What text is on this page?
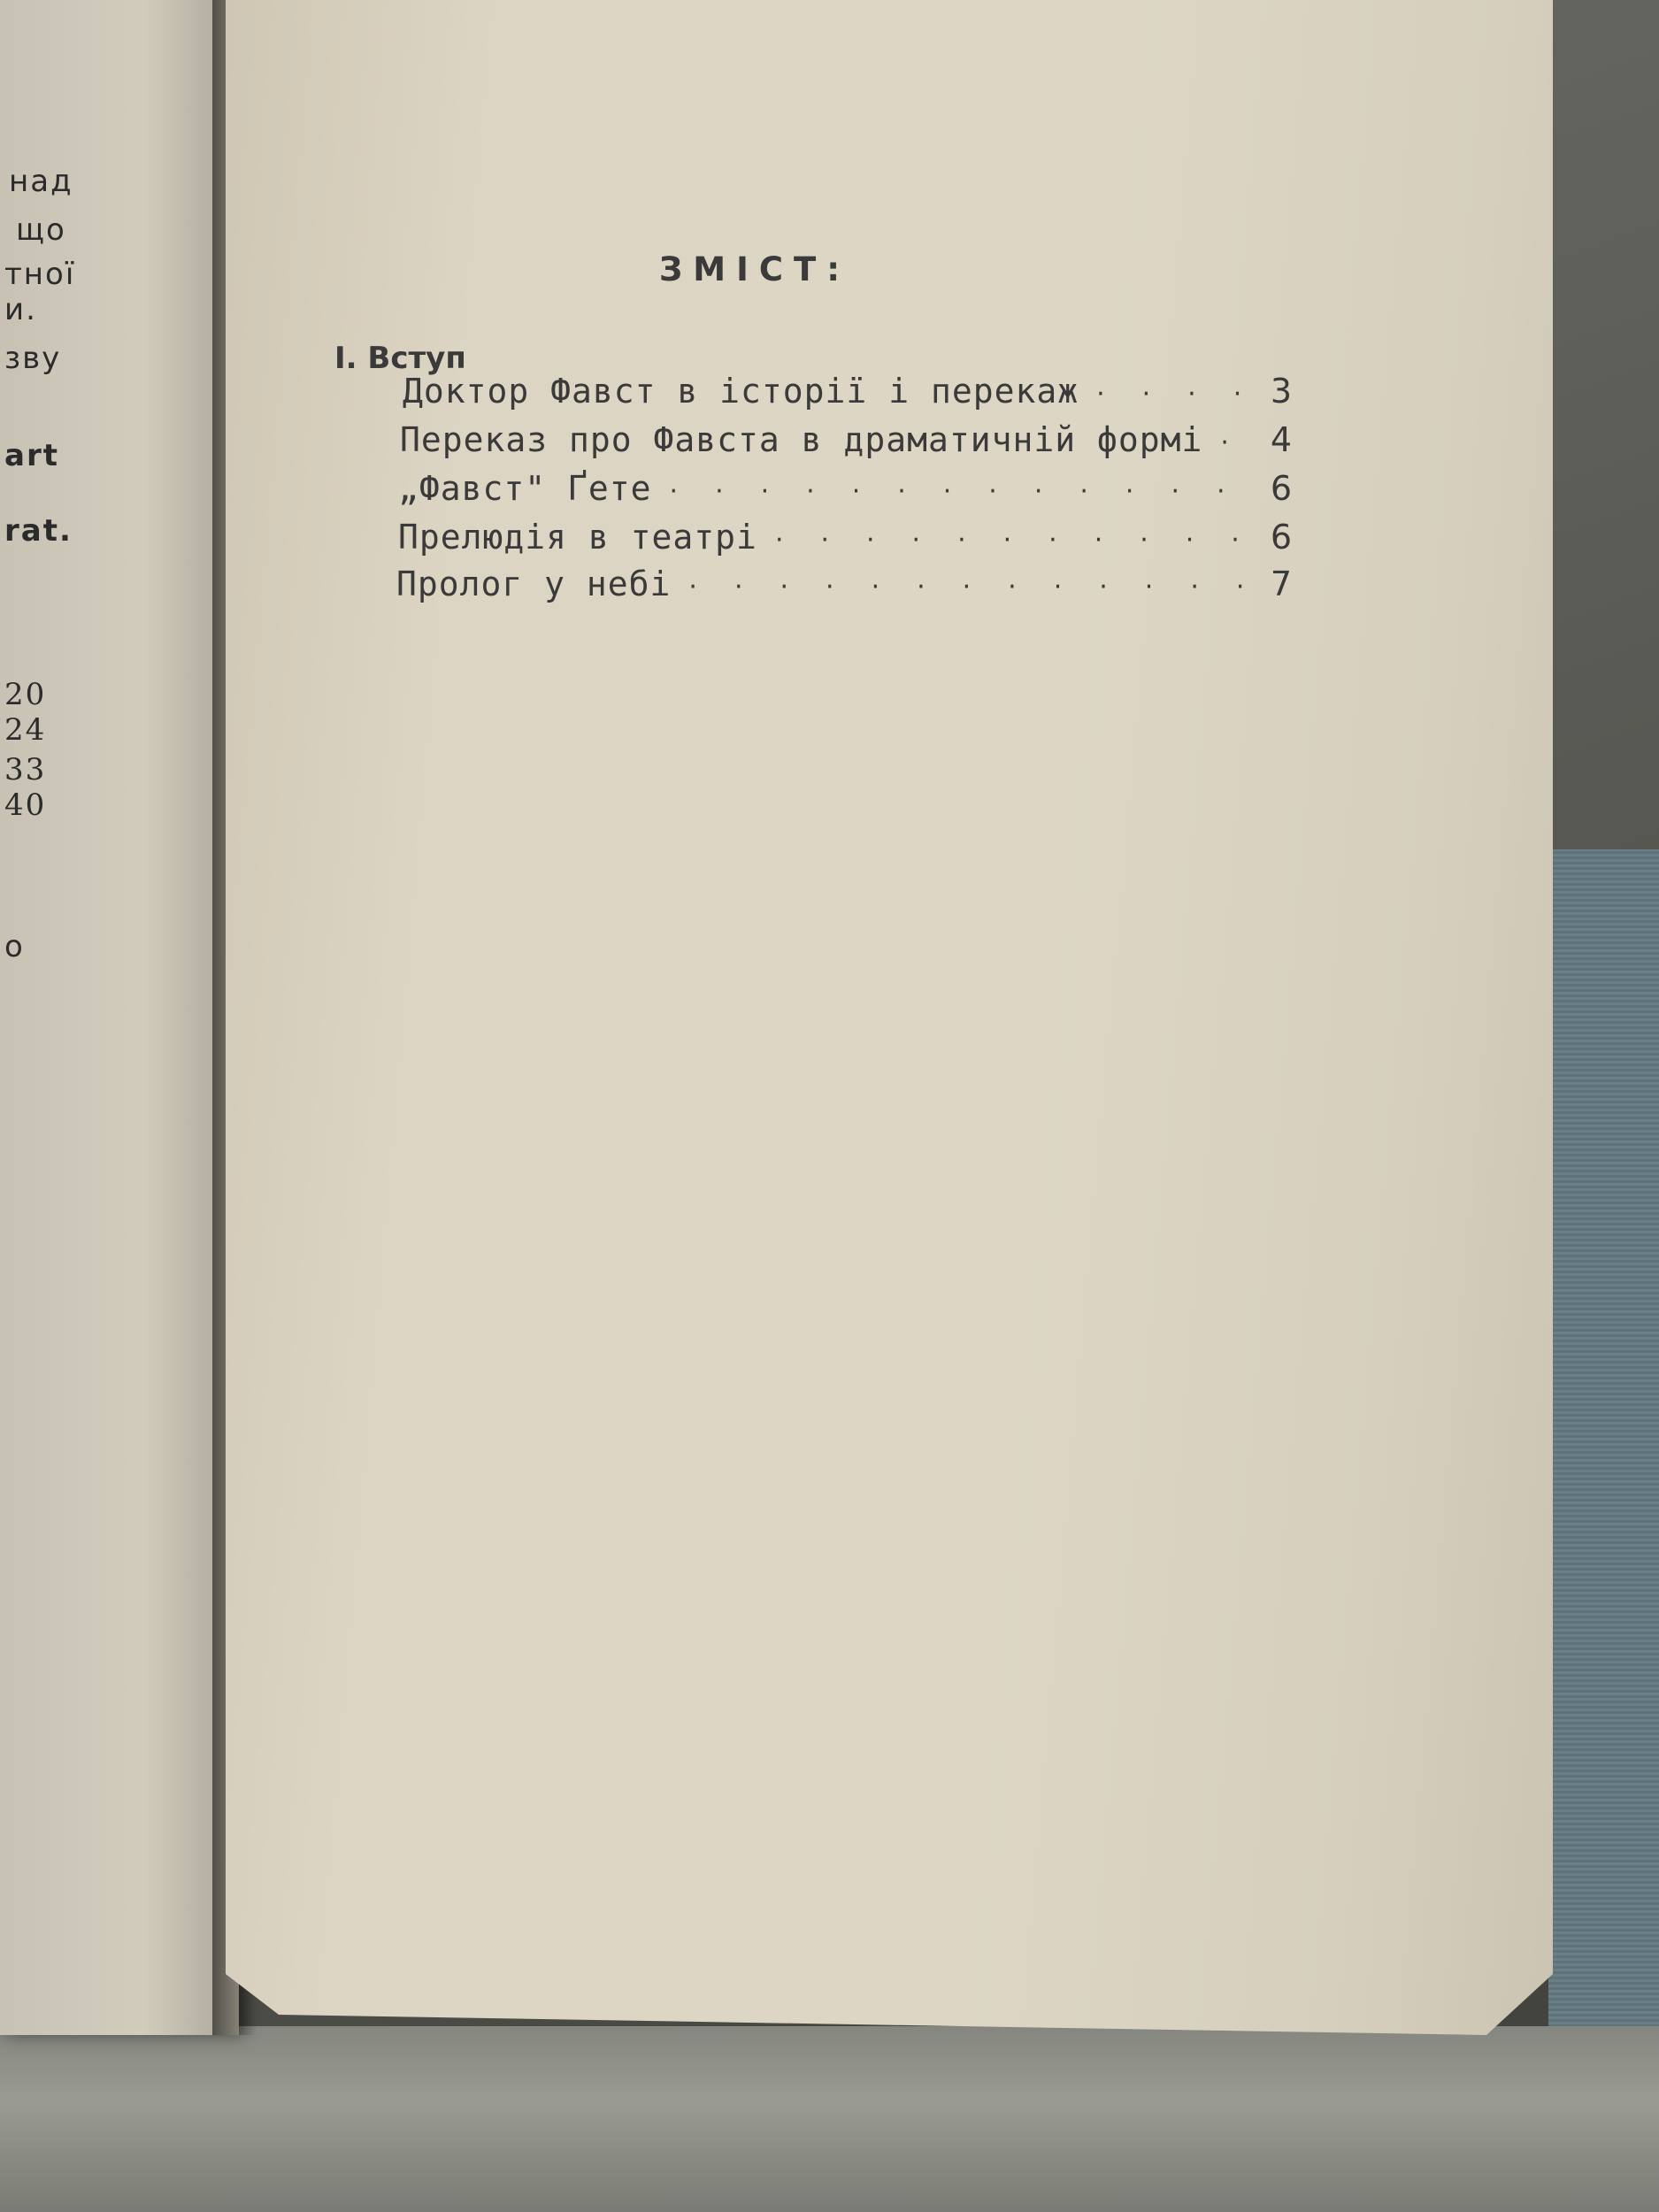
над
що
тної
и.
зву
art
rat.
20
24
33
40
o
ЗМІСТ:
І. Вступ
Доктор Фавст в історії і перекаж ·····	3
Переказ про Фавста в драматичній формі ·····	4
„Фавст" Ґете ·····	6
Прелюдія в театрі ·····	6
Пролог у небі ·····	7
